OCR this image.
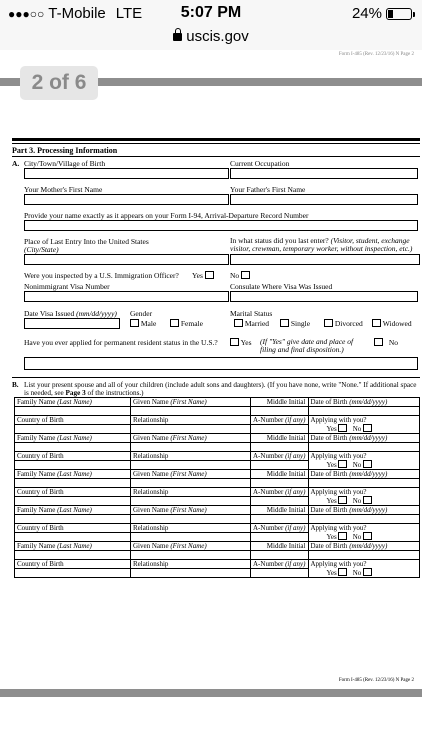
●●●○○ T-Mobile LTE	5:07 PM	24%
uscis.gov
Form I-485 (Rev. 12/23/16) N Page 2
2 of 6
Part 3. Processing Information
A. City/Town/Village of Birth	Current Occupation
Your Mother's First Name	Your Father's First Name
Provide your name exactly as it appears on your Form I-94, Arrival-Departure Record Number
Place of Last Entry Into the United States
(City/State)
In what status did you last enter? (Visitor, student, exchange visitor, crewman, temporary worker, without inspection, etc.)
Were you inspected by a U.S. Immigration Officer? Yes	No
Nonimmigrant Visa Number	Consulate Where Visa Was Issued
Date Visa Issued (mm/dd/yyyy) Gender
Male	Female
Marital Status
Married	Single	Divorced	Widowed
Have you ever applied for permanent resident status in the U.S.?	Yes (If "Yes" give date and place of filing and final disposition.)
No
B. List your present spouse and all of your children (include adult sons and daughters). (If you have none, write "None." If additional space is needed, see Page 3 of the instructions.)
Family Name (Last Name)	Given Name (First Name)	Middle Initial	Date of Birth (mm/dd/yyyy)

Country of Birth	Relationship	A-Number (if any)	Applying with you?
Yes No

Family Name (Last Name)	Given Name (First Name)	Middle Initial	Date of Birth (mm/dd/yyyy)

Country of Birth	Relationship	A-Number (if any)	Applying with you?
Yes No

Family Name (Last Name)	Given Name (First Name)	Middle Initial	Date of Birth (mm/dd/yyyy)

Country of Birth	Relationship	A-Number (if any)	Applying with you?
Yes No

Family Name (Last Name)	Given Name (First Name)	Middle Initial	Date of Birth (mm/dd/yyyy)

Country of Birth	Relationship	A-Number (if any)	Applying with you?
Yes No

Family Name (Last Name)	Given Name (First Name)	Middle Initial	Date of Birth (mm/dd/yyyy)

Country of Birth	Relationship	A-Number (if any)	Applying with you?
Yes No

Form I-485 (Rev. 12/23/16) N Page 2
